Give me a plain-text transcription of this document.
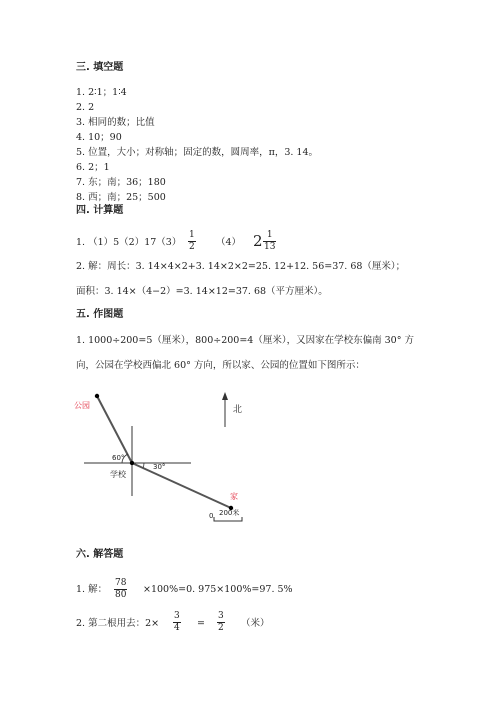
三. 填空题
1. 2∶1；1∶4
2. 2
3. 相同的数；比值
4. 10；90
5. 位置，大小；对称轴；固定的数，圆周率，π，3. 14。
6. 2；1
7. 东；南；36；180
8. 西；南；25；500
四. 计算题
1. （1）5（2）17（3）
1
2 （4） 2 1
13
2. 解：周长：3. 14×4×2+3. 14×2×2=25. 12+12. 56=37. 68（厘米）；
面积：3. 14×（4−2）=3. 14×12=37. 68（平方厘米）。
五. 作图题
1. 1000÷200=5（厘米），800÷200=4（厘米），又因家在学校东偏南 30° 方
向，公园在学校西偏北 60° 方向，所以家、公园的位置如下图所示：
公园
60°
30°
学校
家
北
0 200米
六. 解答题
1. 解：
78
80 ×100%=0. 975×100%=97. 5%
2. 第二根用去：2×
3
4 =
3
2 （米）
